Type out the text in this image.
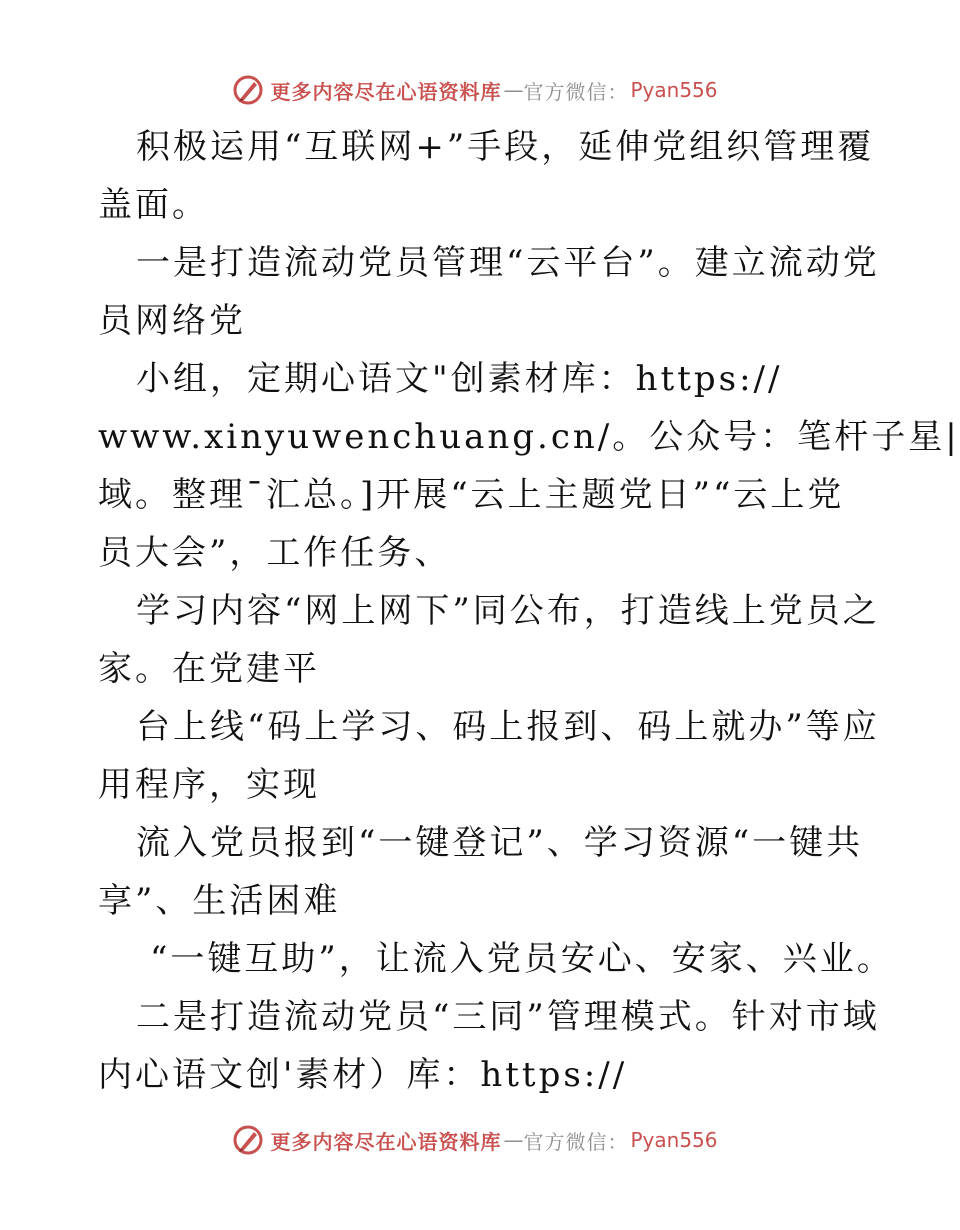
更多内容尽在心语资料库 — 官方微信： Pyan556
积极运用“互联网+”手段，延伸党组织管理覆
盖面。
一是打造流动党员管理“云平台”。建立流动党
员网络党
小组，定期心语文"创素材库：https://
www.xinyuwenchuang.cn/。公众号：笔杆子星|
域。整理¯汇总。]开展“云上主题党日”“云上党
员大会”，工作任务、
学习内容“网上网下”同公布，打造线上党员之
家。在党建平
台上线“码上学习、码上报到、码上就办”等应
用程序，实现
流入党员报到“一键登记”、学习资源“一键共
享”、生活困难
“一键互助”，让流入党员安心、安家、兴业。
二是打造流动党员“三同”管理模式。针对市域
内心语文创'素材）库：https://
更多内容尽在心语资料库 — 官方微信： Pyan556
